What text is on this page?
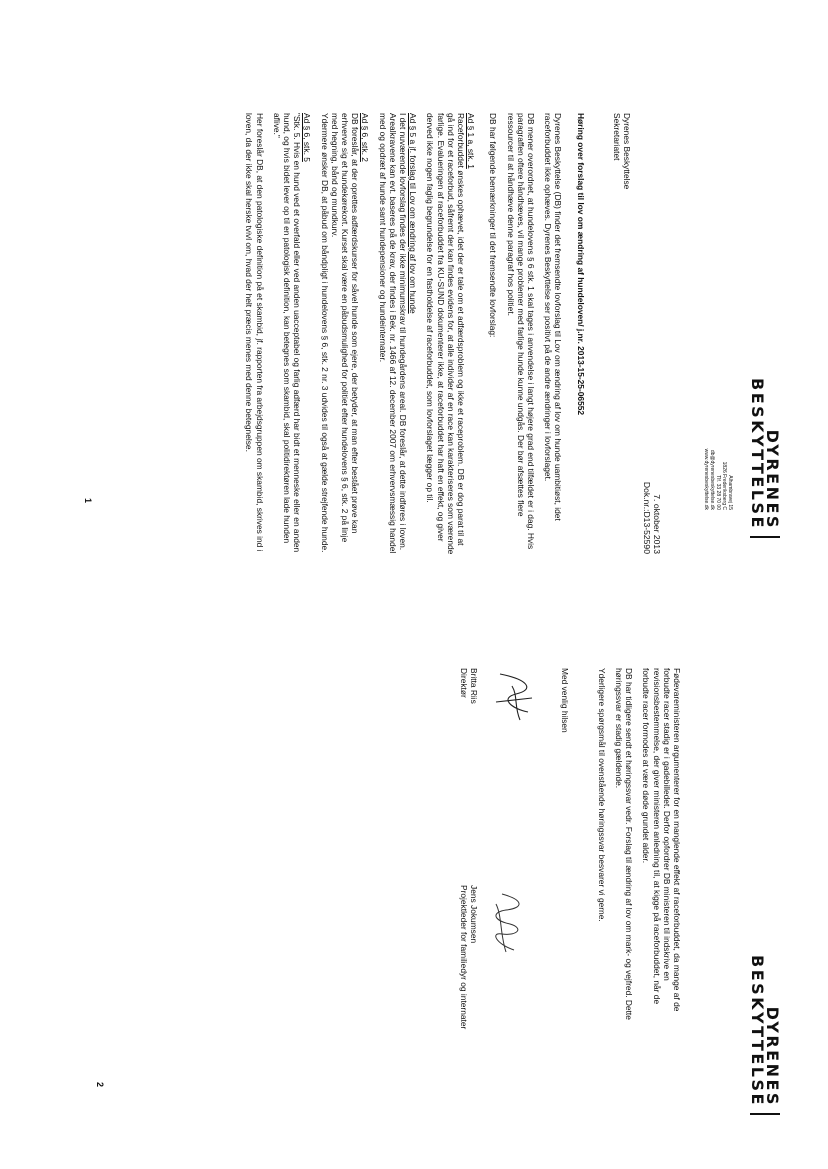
DYRENES
BESKYTTELSE
Alhambravej 15
1826 Frederiksberg C
Tlf. 33 28 70 00
db@dyrenesbeskyttelse.dk
www.dyrenesbeskyttelse.dk
7. oktober 2013
Dok.nr.:D13-52590
Dyrenes Beskyttelse
Sekretariatet
Høring over forslag til lov om ændring af hundeloven/ j.nr. 2013-15-25-06552
Dyrenes Beskyttelse (DB) finder det fremsendte lovforslag til Lov om ændring af lov om hunde uambitiøst, idet raceforbuddet ikke ophæves. Dyrenes Beskyttelse ser positivt på de andre ændringer i lovforslaget.
DB mener overordnet, at hundelovens § 6 stk. 1 skal tages i anvendelse i langt højere grad end tilfældet er i dag. Hvis paragraffen oftere håndhæves, vil mange problemer med farlige hunde kunne undgås. Der bør afsættes flere ressourcer til at håndhæve denne paragraf hos politiet.
DB har følgende bemærkninger til det fremsendte lovforslag:
Ad § 1 a, stk. 1
Raceforbuddet ønskes ophævet, idet der er tale om et adfærdsproblem og ikke et raceproblem. DB er dog parat til at gå ind for et raceforbud, såfremt der kan findes evidens for, at alle individer af en race kan karakteriseres som værende farlige. Evalueringen af raceforbuddet fra KU-SUND dokumenterer ikke, at raceforbuddet har haft en effekt, og giver derved ikke nogen faglig begrundelse for en fastholdelse af raceforbuddet, som lovforslaget lægger op til.
Ad § 5 a jf. forslag til Lov om ændring af lov om hunde
I det nuværende lovforslag findes der ikke minimumskrav til hundegårdens areal. DB foreslår, at dette indføres i loven. Arealkravene kan evt. baseres på de krav, der findes i Bek. nr. 1466 af 12. december 2007 om erhvervsmæssig handel med og opdræt af hunde samt hundepensioner og hundeinternater.
Ad § 6, stk. 2
DB foreslår, at der oprettes adfærdskurser for såvel hunde som ejere, der betyder, at man efter bestået prøve kan erhverve sig et hundekørekort. Kurset skal være en påbudsmulighed for politiet efter hundelovens § 6, stk. 2 på linje med hegning, bånd og mundkurv.
Ydermere ønsker DB, at påbud om båndpligt i hundelovens § 6, stk. 2 nr. 3 udvides til også at gælde strejfende hunde.
Ad § 6, stk. 5
"Stk. 5. Hvis en hund ved et overfald eller ved anden uacceptabel og farlig adfærd har bidt et menneske eller en anden hund, og hvis bidet lever op til en patologisk definition, kan betegnes som skambid, skal politidirektøren lade hunden aflive."
Her foreslår DB, at den patologiske definition på et skambid, jf. rapporten fra arbejdsgruppen om skambid, skrives ind i loven, da der ikke skal herske tvivl om, hvad der helt præcis menes med denne betegnelse.
1
DYRENES
BESKYTTELSE
Fødevareministeren argumenterer for en manglende effekt af raceforbuddet, da mange af de forbudte racer stadig er i gadebilledet. Derfor opfordrer DB ministeren til indskrive en revisionsbestemmelse, der giver ministeren anledning til, at kigge på raceforbuddet, når de forbudte racer formodes at være døde grundet alder.
DB har tidligere sendt et høringssvar vedr. Forslag til ændring af lov om mark- og vejfred. Dette høringssvar er stadig gældende.
Yderligere spørgsmål til ovenstående høringssvar besvarer vi gerne.
Med venlig hilsen
Britta Riis
Direktør
Jens Jokumsen
Projektleder for familiedyr og internater
2
